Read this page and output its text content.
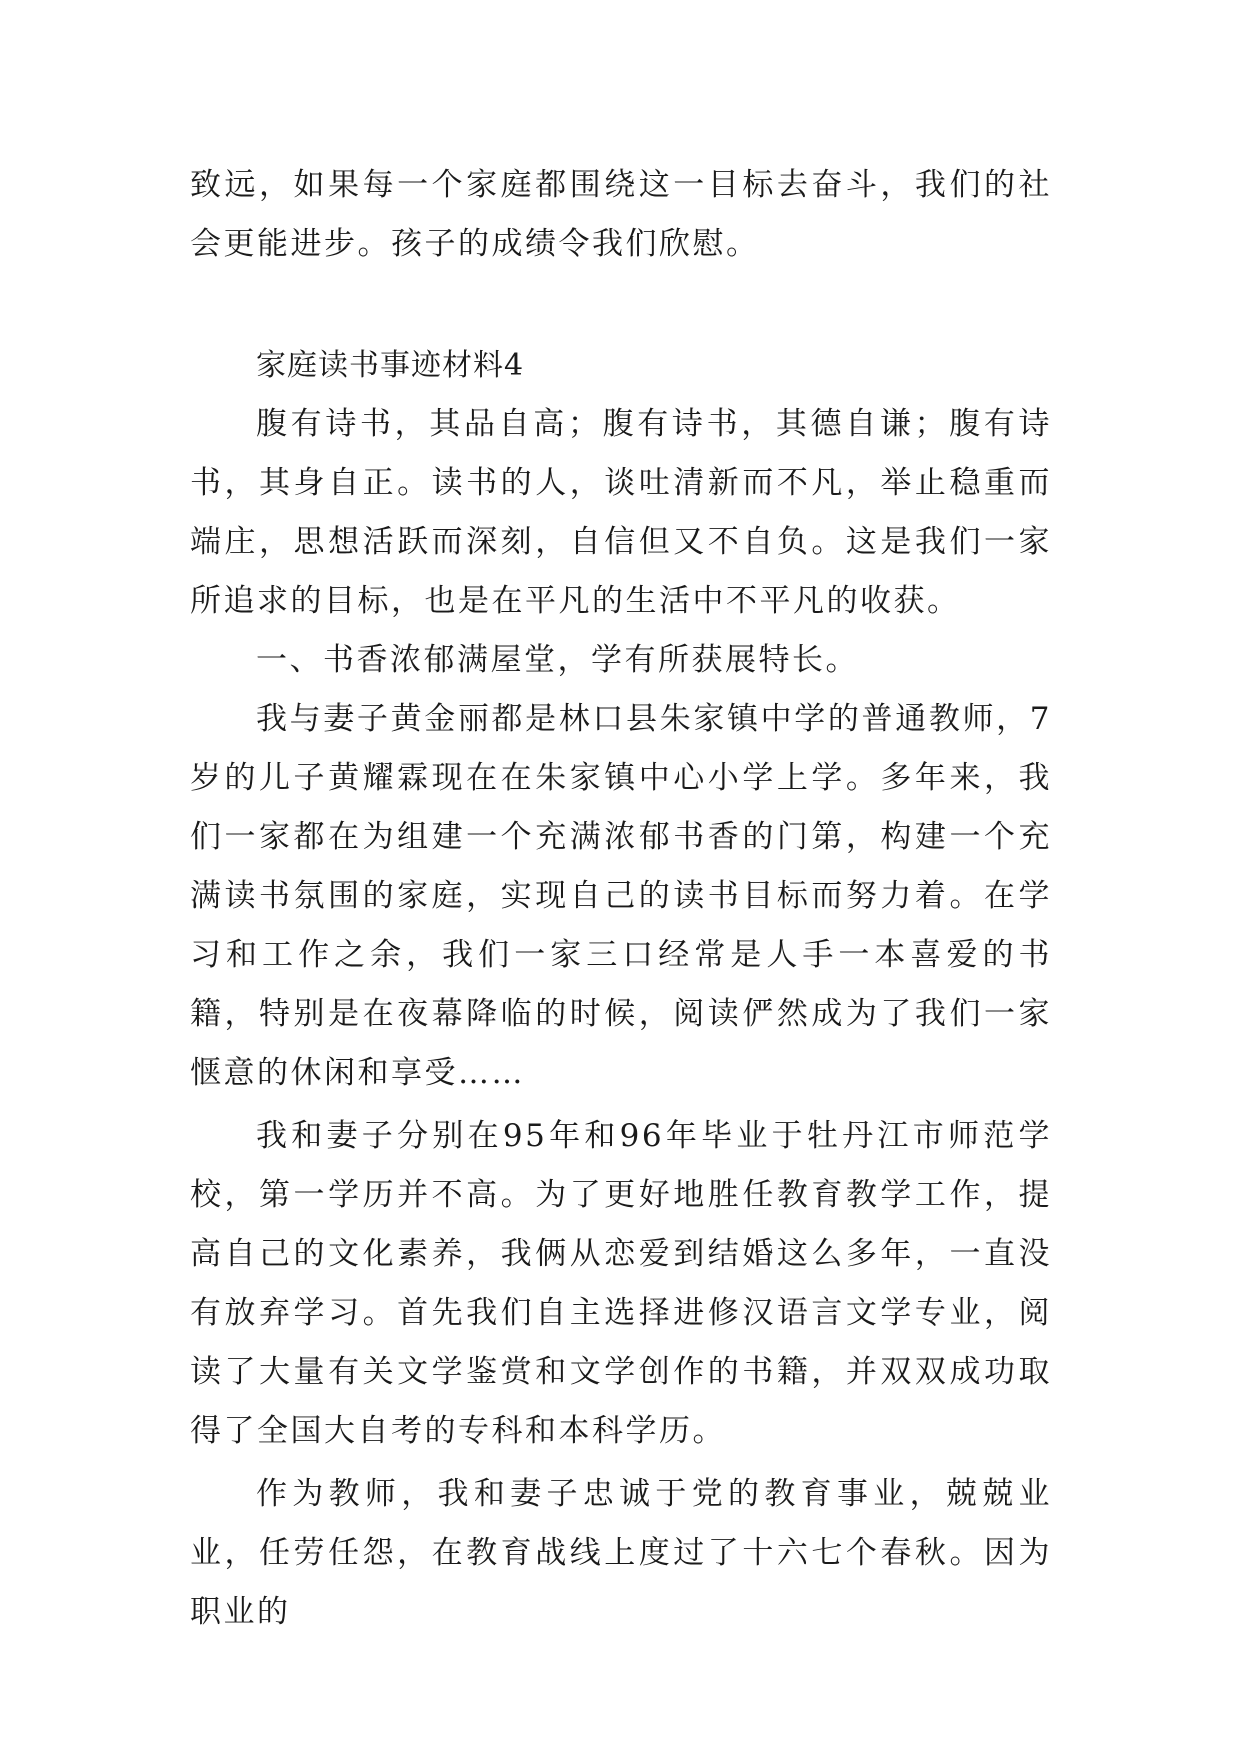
致远，如果每一个家庭都围绕这一目标去奋斗，我们的社会更能进步。孩子的成绩令我们欣慰。

家庭读书事迹材料4

腹有诗书，其品自高；腹有诗书，其德自谦；腹有诗书，其身自正。读书的人，谈吐清新而不凡，举止稳重而端庄，思想活跃而深刻，自信但又不自负。这是我们一家所追求的目标，也是在平凡的生活中不平凡的收获。

一、书香浓郁满屋堂，学有所获展特长。

我与妻子黄金丽都是林口县朱家镇中学的普通教师，7岁的儿子黄耀霖现在在朱家镇中心小学上学。多年来，我们一家都在为组建一个充满浓郁书香的门第，构建一个充满读书氛围的家庭，实现自己的读书目标而努力着。在学习和工作之余，我们一家三口经常是人手一本喜爱的书籍，特别是在夜幕降临的时候，阅读俨然成为了我们一家惬意的休闲和享受……

我和妻子分别在95年和96年毕业于牡丹江市师范学校，第一学历并不高。为了更好地胜任教育教学工作，提高自己的文化素养，我俩从恋爱到结婚这么多年，一直没有放弃学习。首先我们自主选择进修汉语言文学专业，阅读了大量有关文学鉴赏和文学创作的书籍，并双双成功取得了全国大自考的专科和本科学历。

作为教师，我和妻子忠诚于党的教育事业，兢兢业业，任劳任怨，在教育战线上度过了十六七个春秋。因为职业的
